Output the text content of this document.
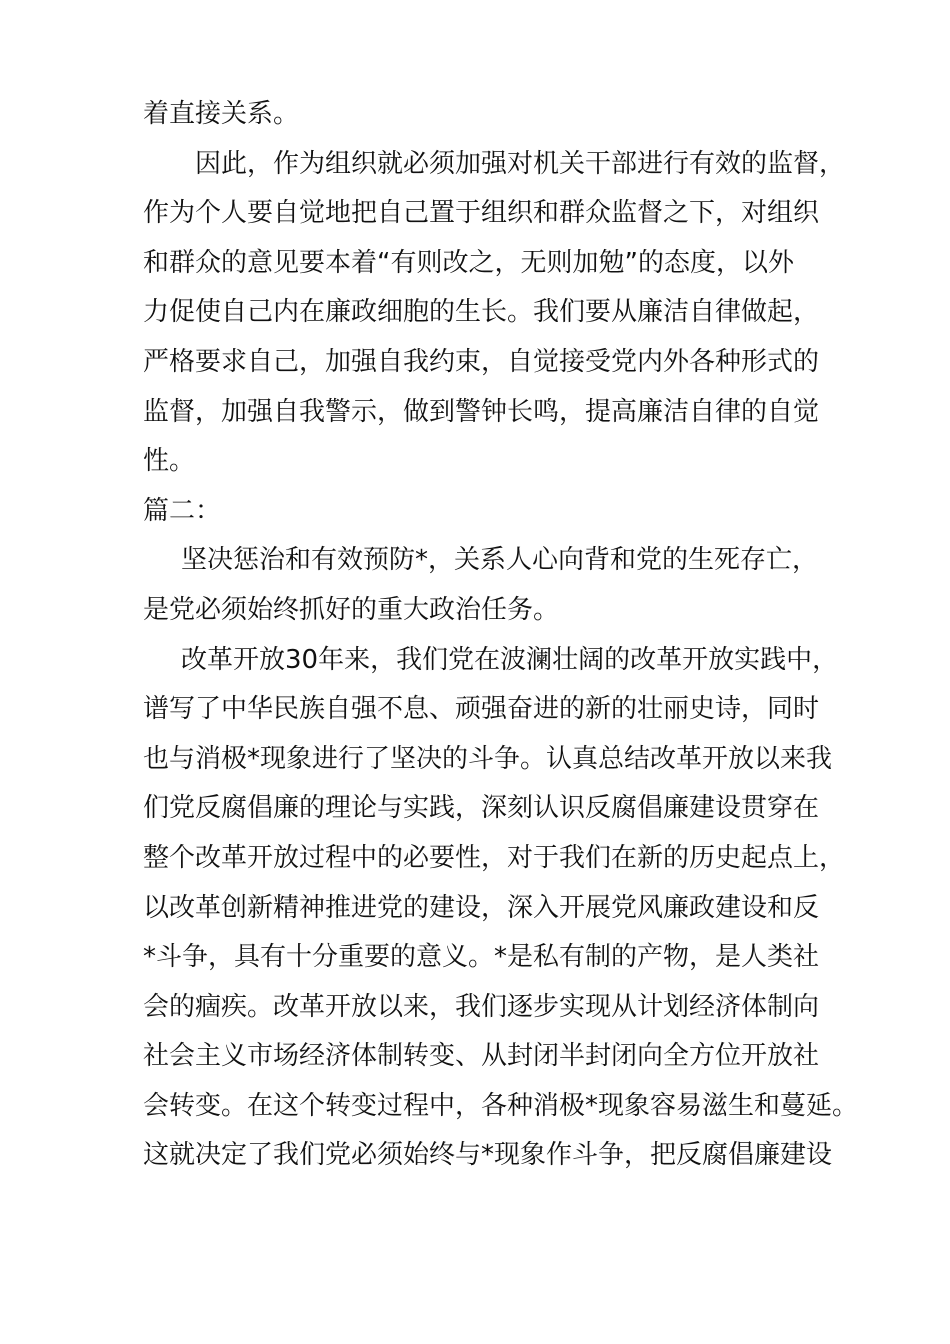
着直接关系。
因此，作为组织就必须加强对机关干部进行有效的监督，
作为个人要自觉地把自己置于组织和群众监督之下，对组织
和群众的意见要本着“有则改之，无则加勉”的态度，以外
力促使自己内在廉政细胞的生长。我们要从廉洁自律做起，
严格要求自己，加强自我约束，自觉接受党内外各种形式的
监督，加强自我警示，做到警钟长鸣，提高廉洁自律的自觉
性。
篇二：
坚决惩治和有效预防*，关系人心向背和党的生死存亡，
是党必须始终抓好的重大政治任务。
改革开放30年来，我们党在波澜壮阔的改革开放实践中，
谱写了中华民族自强不息、顽强奋进的新的壮丽史诗，同时
也与消极*现象进行了坚决的斗争。认真总结改革开放以来我
们党反腐倡廉的理论与实践，深刻认识反腐倡廉建设贯穿在
整个改革开放过程中的必要性，对于我们在新的历史起点上，
以改革创新精神推进党的建设，深入开展党风廉政建设和反
*斗争，具有十分重要的意义。*是私有制的产物，是人类社
会的痼疾。改革开放以来，我们逐步实现从计划经济体制向
社会主义市场经济体制转变、从封闭半封闭向全方位开放社
会转变。在这个转变过程中，各种消极*现象容易滋生和蔓延。
这就决定了我们党必须始终与*现象作斗争，把反腐倡廉建设
